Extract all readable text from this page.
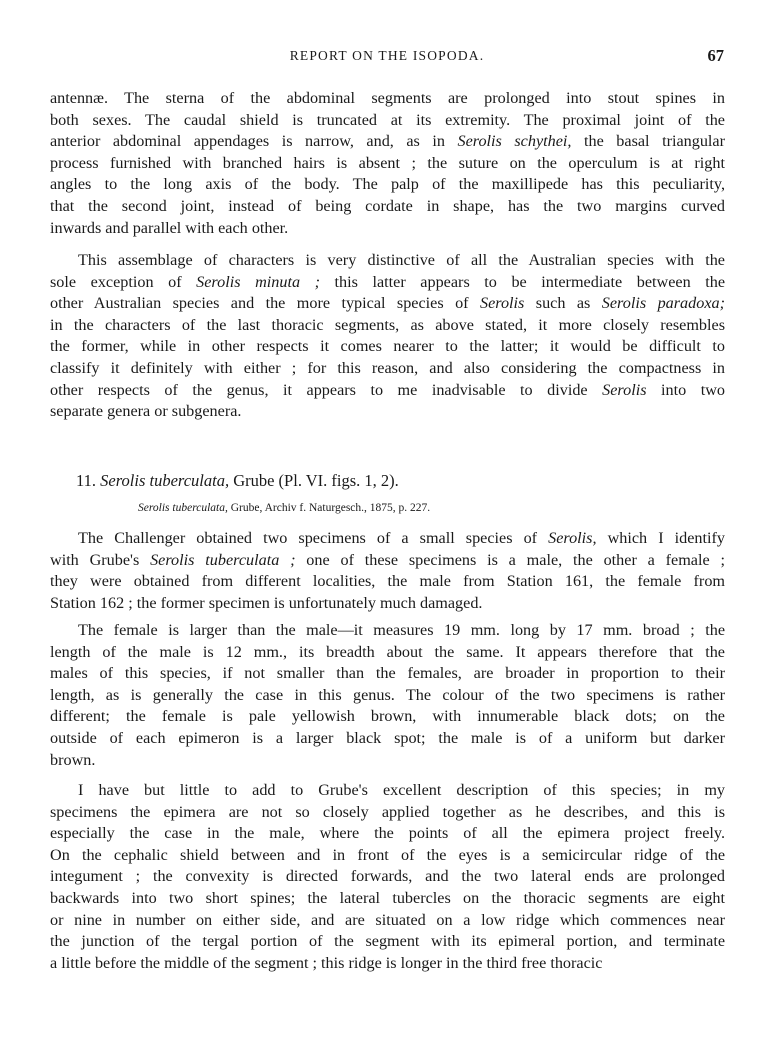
REPORT ON THE ISOPODA.	67
antennæ. The sterna of the abdominal segments are prolonged into stout spines in
both sexes. The caudal shield is truncated at its extremity. The proximal joint of the
anterior abdominal appendages is narrow, and, as in Serolis schythei, the basal triangular
process furnished with branched hairs is absent ; the suture on the operculum is at right
angles to the long axis of the body. The palp of the maxillipede has this peculiarity,
that the second joint, instead of being cordate in shape, has the two margins curved
inwards and parallel with each other.
This assemblage of characters is very distinctive of all the Australian species with the
sole exception of Serolis minuta ; this latter appears to be intermediate between the
other Australian species and the more typical species of Serolis such as Serolis paradoxa;
in the characters of the last thoracic segments, as above stated, it more closely resembles
the former, while in other respects it comes nearer to the latter; it would be difficult to
classify it definitely with either ; for this reason, and also considering the compactness in
other respects of the genus, it appears to me inadvisable to divide Serolis into two
separate genera or subgenera.
11. Serolis tuberculata, Grube (Pl. VI. figs. 1, 2).
Serolis tuberculata, Grube, Archiv f. Naturgesch., 1875, p. 227.
The Challenger obtained two specimens of a small species of Serolis, which I identify
with Grube's Serolis tuberculata ; one of these specimens is a male, the other a female ;
they were obtained from different localities, the male from Station 161, the female from
Station 162 ; the former specimen is unfortunately much damaged.
The female is larger than the male—it measures 19 mm. long by 17 mm. broad ; the
length of the male is 12 mm., its breadth about the same. It appears therefore that the
males of this species, if not smaller than the females, are broader in proportion to their
length, as is generally the case in this genus. The colour of the two specimens is rather
different; the female is pale yellowish brown, with innumerable black dots; on the
outside of each epimeron is a larger black spot; the male is of a uniform but darker
brown.
I have but little to add to Grube's excellent description of this species; in my
specimens the epimera are not so closely applied together as he describes, and this is
especially the case in the male, where the points of all the epimera project freely.
On the cephalic shield between and in front of the eyes is a semicircular ridge of the
integument ; the convexity is directed forwards, and the two lateral ends are prolonged
backwards into two short spines; the lateral tubercles on the thoracic segments are eight
or nine in number on either side, and are situated on a low ridge which commences near
the junction of the tergal portion of the segment with its epimeral portion, and terminate
a little before the middle of the segment ; this ridge is longer in the third free thoracic
